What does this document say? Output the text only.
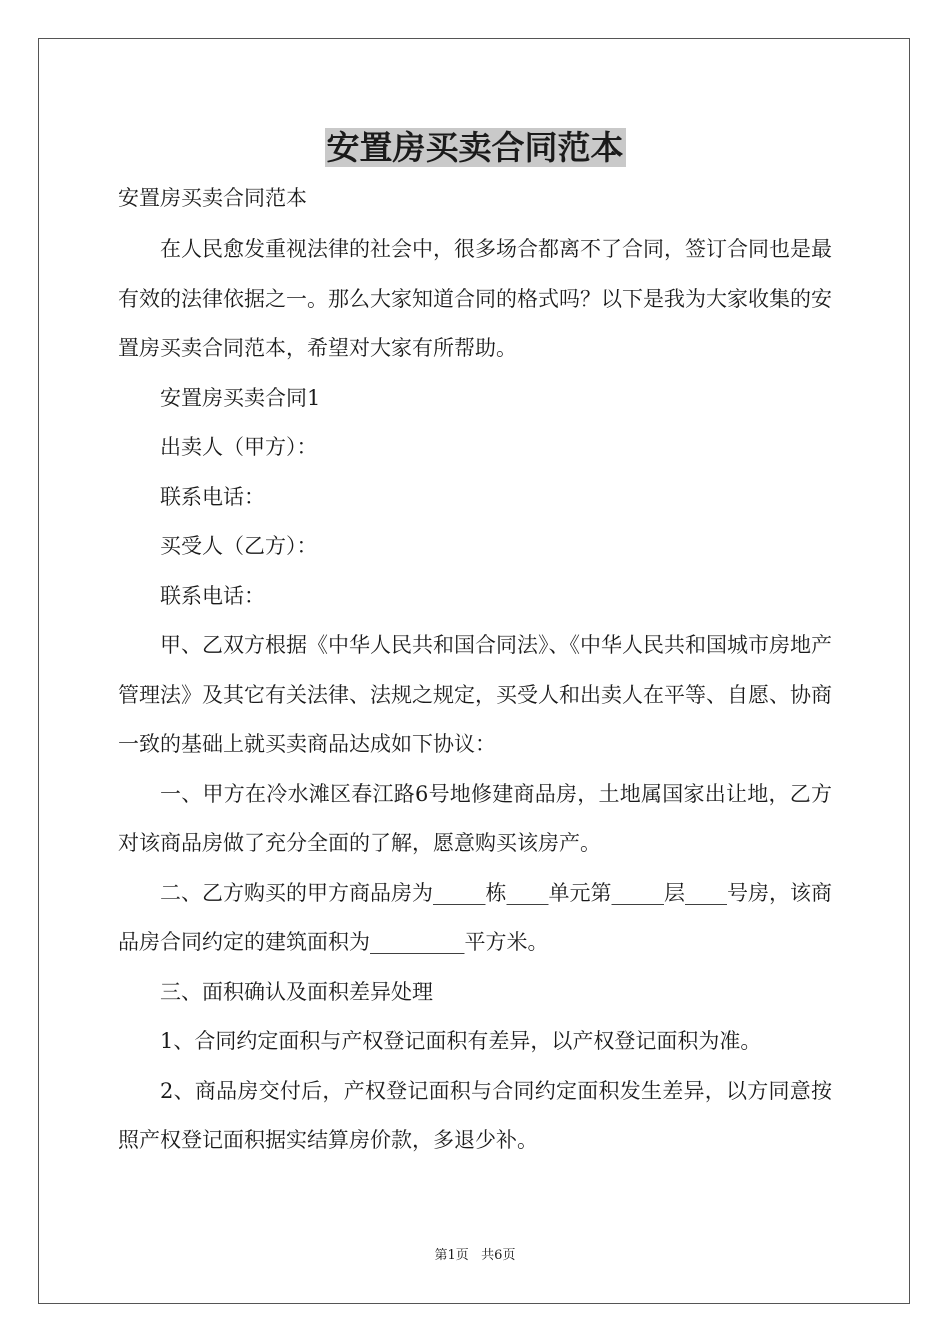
安置房买卖合同范本
安置房买卖合同范本

在人民愈发重视法律的社会中，很多场合都离不了合同，签订合同也是最有效的法律依据之一。那么大家知道合同的格式吗？以下是我为大家收集的安置房买卖合同范本，希望对大家有所帮助。

安置房买卖合同1

出卖人（甲方）：

联系电话：

买受人（乙方）：

联系电话：

甲、乙双方根据《中华人民共和国合同法》、《中华人民共和国城市房地产管理法》及其它有关法律、法规之规定，买受人和出卖人在平等、自愿、协商一致的基础上就买卖商品达成如下协议：

一、甲方在冷水滩区春江路6号地修建商品房，土地属国家出让地，乙方对该商品房做了充分全面的了解，愿意购买该房产。

二、乙方购买的甲方商品房为_____栋____单元第_____层____号房，该商品房合同约定的建筑面积为_________平方米。

三、面积确认及面积差异处理

1、合同约定面积与产权登记面积有差异，以产权登记面积为准。

2、商品房交付后，产权登记面积与合同约定面积发生差异，以方同意按照产权登记面积据实结算房价款，多退少补。

第1页   共6页
